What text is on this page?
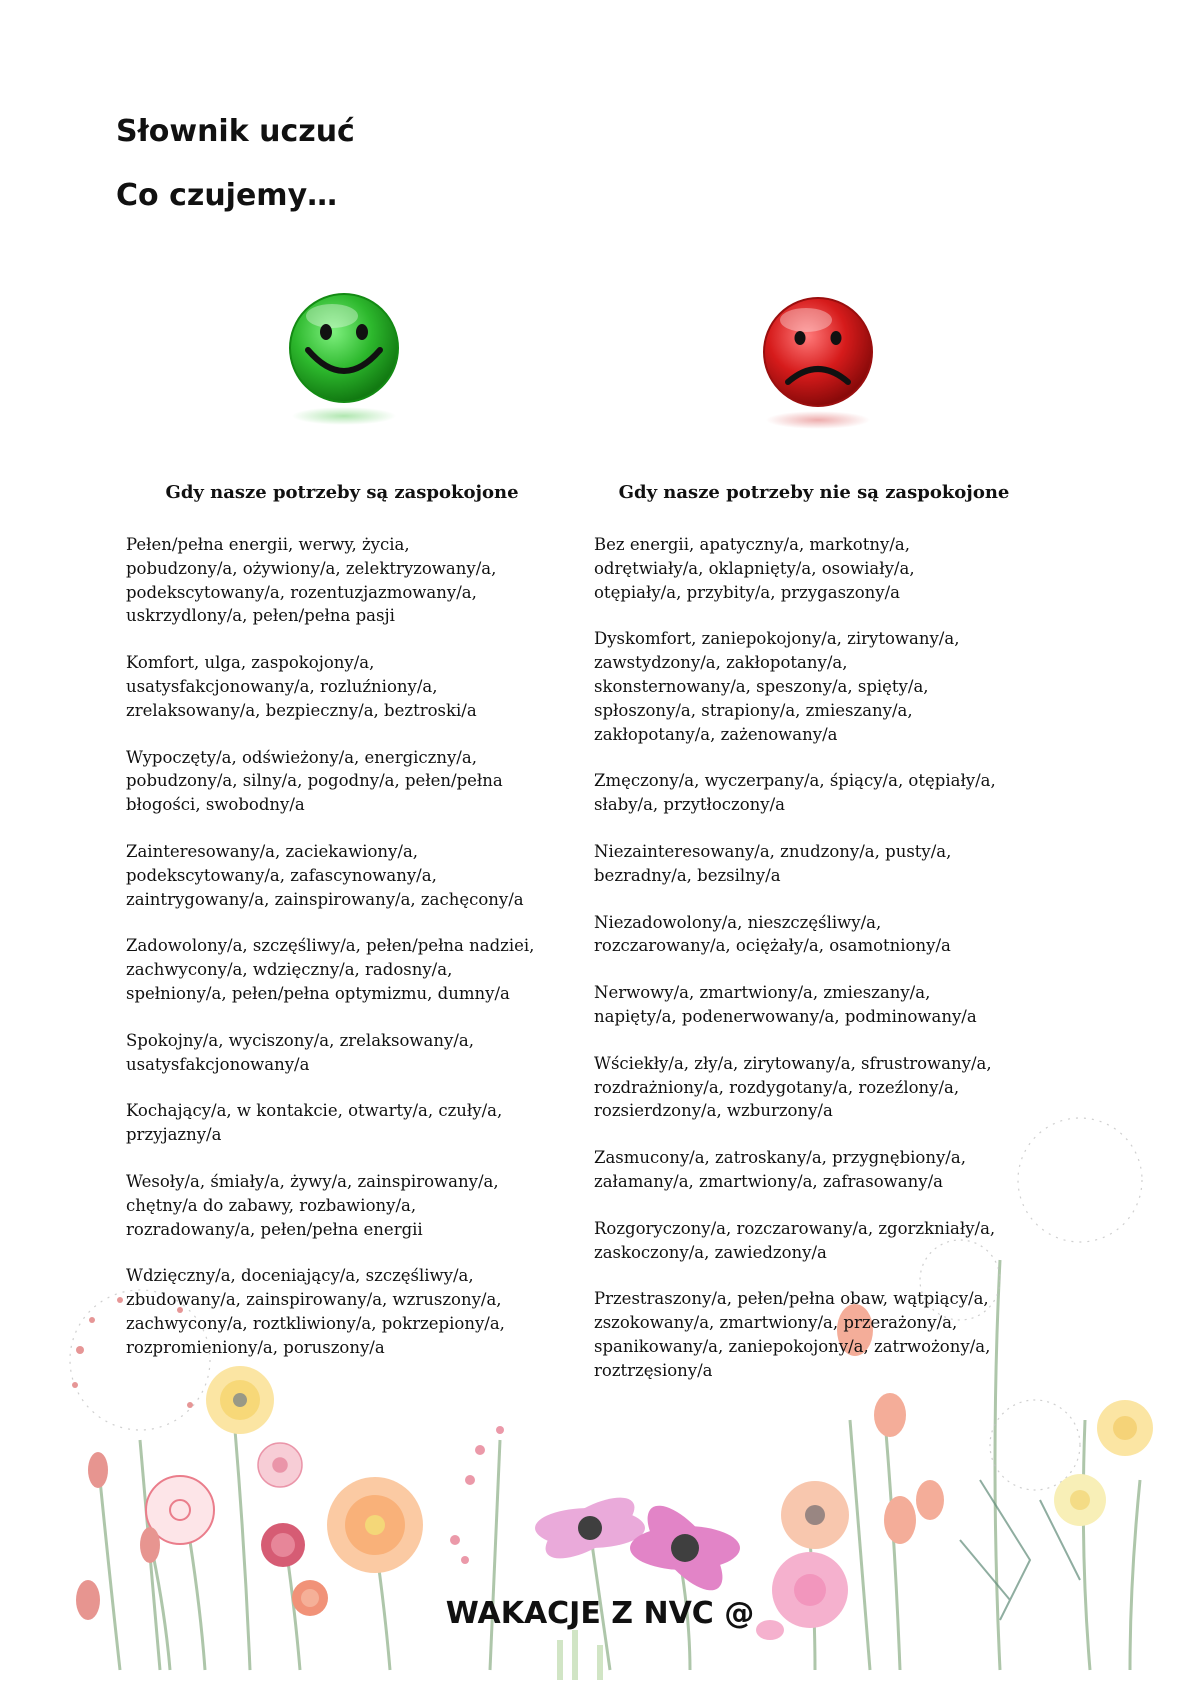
Słownik uczuć
Co czujemy…
Gdy nasze potrzeby są zaspokojone

Pełen/pełna energii, werwy, życia,
pobudzony/a, ożywiony/a, zelektryzowany/a,
podekscytowany/a, rozentuzjazmowany/a,
uskrzydlony/a, pełen/pełna pasji

Komfort, ulga, zaspokojony/a,
usatysfakcjonowany/a, rozluźniony/a,
zrelaksowany/a, bezpieczny/a, beztroski/a

Wypoczęty/a, odświeżony/a, energiczny/a,
pobudzony/a, silny/a, pogodny/a, pełen/pełna
błogości, swobodny/a

Zainteresowany/a, zaciekawiony/a,
podekscytowany/a, zafascynowany/a,
zaintrygowany/a, zainspirowany/a, zachęcony/a

Zadowolony/a, szczęśliwy/a, pełen/pełna nadziei,
zachwycony/a, wdzięczny/a, radosny/a,
spełniony/a, pełen/pełna optymizmu, dumny/a

Spokojny/a, wyciszony/a, zrelaksowany/a,
usatysfakcjonowany/a

Kochający/a, w kontakcie, otwarty/a, czuły/a,
przyjazny/a

Wesoły/a, śmiały/a, żywy/a, zainspirowany/a,
chętny/a do zabawy, rozbawiony/a,
rozradowany/a, pełen/pełna energii

Wdzięczny/a, doceniający/a, szczęśliwy/a,
zbudowany/a, zainspirowany/a, wzruszony/a,
zachwycony/a, roztkliwiony/a, pokrzepiony/a,
rozpromieniony/a, poruszony/a

Gdy nasze potrzeby nie są zaspokojone

Bez energii, apatyczny/a, markotny/a,
odrętwiały/a, oklapnięty/a, osowiały/a,
otępiały/a, przybity/a, przygaszony/a

Dyskomfort, zaniepokojony/a, zirytowany/a,
zawstydzony/a, zakłopotany/a,
skonsternowany/a, speszony/a, spięty/a,
spłoszony/a, strapiony/a, zmieszany/a,
zakłopotany/a, zażenowany/a

Zmęczony/a, wyczerpany/a, śpiący/a, otępiały/a,
słaby/a, przytłoczony/a

Niezainteresowany/a, znudzony/a, pusty/a,
bezradny/a, bezsilny/a

Niezadowolony/a, nieszczęśliwy/a,
rozczarowany/a, ociężały/a, osamotniony/a

Nerwowy/a, zmartwiony/a, zmieszany/a,
napięty/a, podenerwowany/a, podminowany/a

Wściekły/a, zły/a, zirytowany/a, sfrustrowany/a,
rozdrażniony/a, rozdygotany/a, rozeźlony/a,
rozsierdzony/a, wzburzony/a

Zasmucony/a, zatroskany/a, przygnębiony/a,
załamany/a, zmartwiony/a, zafrasowany/a

Rozgoryczony/a, rozczarowany/a, zgorzkniały/a,
zaskoczony/a, zawiedzony/a

Przestraszony/a, pełen/pełna obaw, wątpiący/a,
zszokowany/a, zmartwiony/a, przerażony/a,
spanikowany/a, zaniepokojony/a, zatrwożony/a,
roztrzęsiony/a

WAKACJE Z NVC @
